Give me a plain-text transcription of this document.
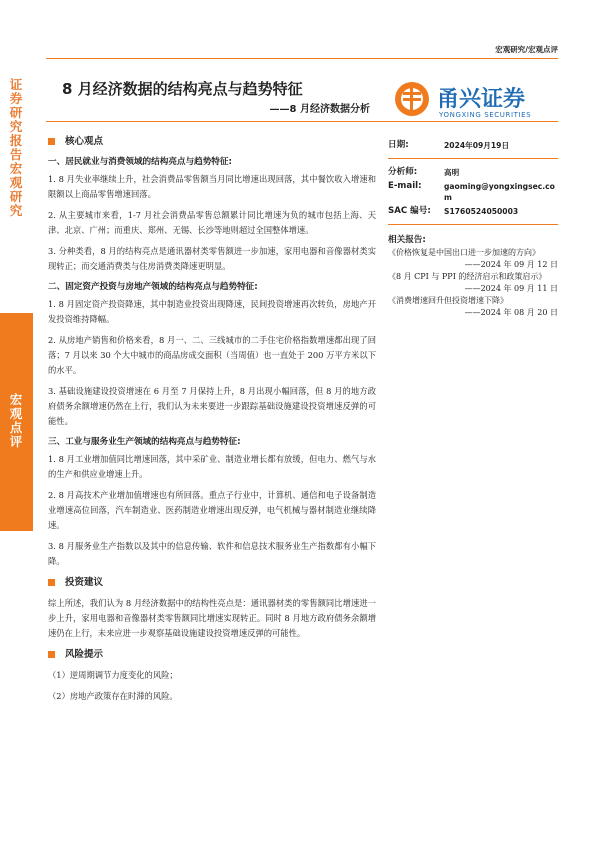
证券研究报告 宏观研究
宏观点评
宏观研究/宏观点评
8 月经济数据的结构亮点与趋势特征
——8 月经济数据分析	甬兴证券
YONGXING SECURITIES
核心观点
一、居民就业与消费领域的结构亮点与趋势特征:

1. 8 月失业率继续上升，社会消费品零售额当月同比增速出现回落，其中餐饮收入增速和限额以上商品零售增速回落。

2. 从主要城市来看，1-7 月社会消费品零售总额累计同比增速为负的城市包括上海、天津、北京、广州；而重庆、郑州、无锡、长沙等地则超过全国整体增速。

3. 分种类看，8 月的结构亮点是通讯器材类零售额进一步加速，家用电器和音像器材类实现转正；而交通消费类与住房消费类降速更明显。

二、固定资产投资与房地产领域的结构亮点与趋势特征:

1. 8 月固定资产投资降速，其中制造业投资出现降速，民间投资增速再次转负，房地产开发投资维持降幅。

2. 从房地产销售和价格来看，8 月一、二、三线城市的二手住宅价格指数增速都出现了回落；7 月以来 30 个大中城市的商品房成交面积（当周值）也一直处于 200 万平方米以下的水平。

3. 基础设施建设投资增速在 6 月至 7 月保持上升，8 月出现小幅回落，但 8 月的地方政府债务余额增速仍然在上行，我们认为未来要进一步跟踪基础设施建设投资增速反弹的可能性。

三、工业与服务业生产领域的结构亮点与趋势特征:

1. 8 月工业增加值同比增速回落，其中采矿业、制造业增长都有放缓，但电力、燃气与水的生产和供应业增速上升。

2. 8 月高技术产业增加值增速也有所回落。重点子行业中，计算机、通信和电子设备制造业增速高位回落，汽车制造业、医药制造业增速出现反弹，电气机械与器材制造业继续降速。

3. 8 月服务业生产指数以及其中的信息传输、软件和信息技术服务业生产指数都有小幅下降。

投资建议

综上所述，我们认为 8 月经济数据中的结构性亮点是：通讯器材类的零售额同比增速进一步上升，家用电器和音像器材类零售额同比增速实现转正。同时 8 月地方政府债务余额增速仍在上行，未来应进一步观察基础设施建设投资增速反弹的可能性。

风险提示

（1）逆周期调节力度变化的风险；

（2）房地产政策存在时滞的风险。

日期:	2024年09月19日
分析师:	高明
E-mail:	gaoming@yongxingsec.com
SAC 编号:	S1760524050003
相关报告:
《价格恢复是中国出口进一步加速的方向》
——2024 年 09 月 12 日
《8 月 CPI 与 PPI 的经济启示和政策启示》
——2024 年 09 月 11 日
《消费增速回升但投资增速下降》
——2024 年 08 月 20 日
